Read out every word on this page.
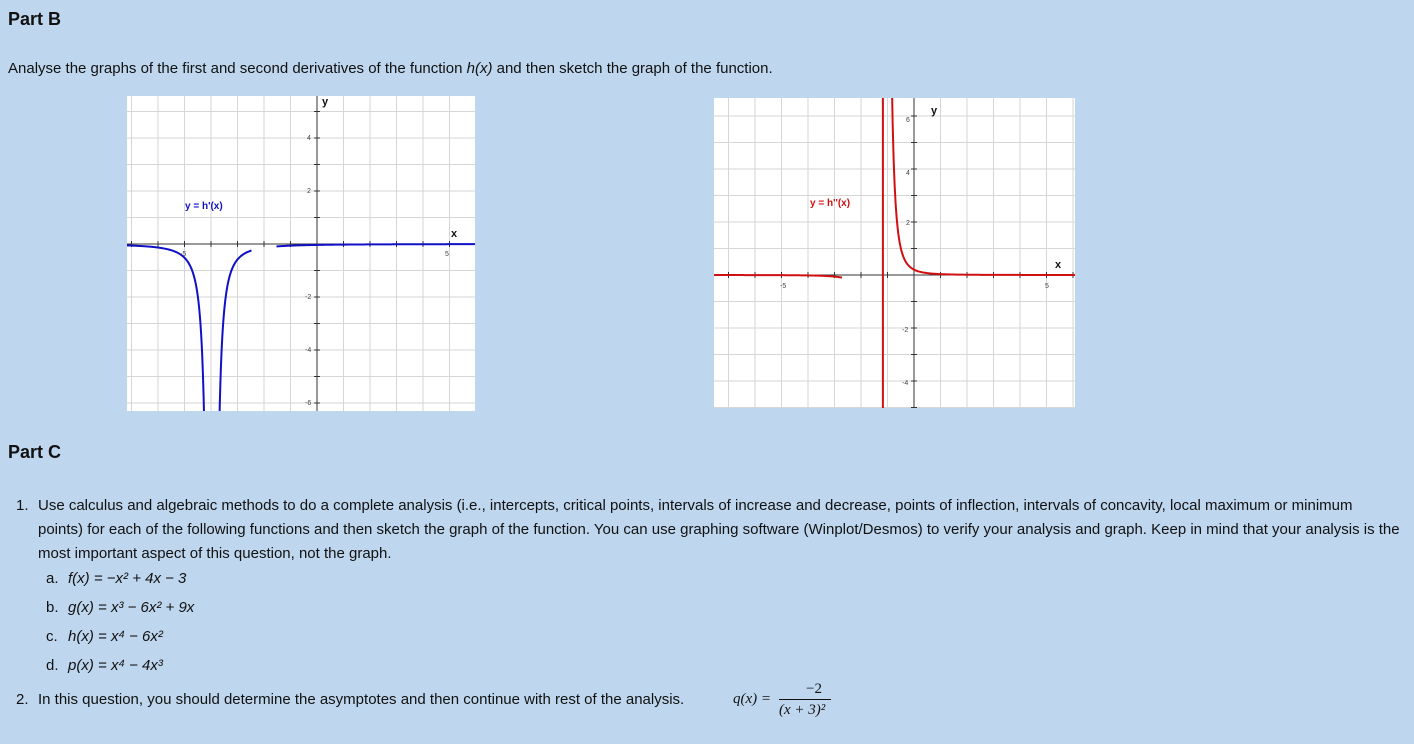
Part B
Analyse the graphs of the first and second derivatives of the function h(x) and then sketch the graph of the function.
y = h'(x)
x
y
-5	5
4
2
-2
-4
-6
y = h''(x)
x
y
-5	5
6
4
2
-2
-4
Part C
1. Use calculus and algebraic methods to do a complete analysis (i.e., intercepts, critical points, intervals of increase and decrease, points of inflection, intervals of concavity, local maximum or minimum points) for each of the following functions and then sketch the graph of the function. You can use graphing software (Winplot/Desmos) to verify your analysis and graph. Keep in mind that your analysis is the most important aspect of this question, not the graph.
a. f(x) = −x² + 4x − 3
b. g(x) = x³ − 6x² + 9x
c. h(x) = x⁴ − 6x²
d. p(x) = x⁴ − 4x³
2. In this question, you should determine the asymptotes and then continue with rest of the analysis.	q(x) =
−2
(x + 3)²
